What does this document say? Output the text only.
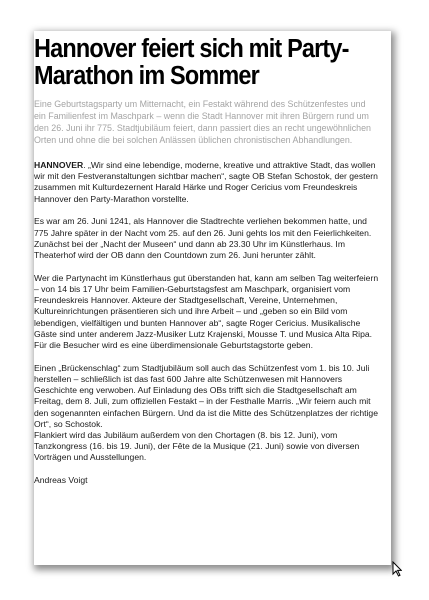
Hannover feiert sich mit Party-
Marathon im Sommer

Eine Geburtstagsparty um Mitternacht, ein Festakt während des Schützenfestes und ein Familienfest im Maschpark – wenn die Stadt Hannover mit ihren Bürgern rund um den 26. Juni ihr 775. Stadtjubiläum feiert, dann passiert dies an recht ungewöhnlichen Orten und ohne die bei solchen Anlässen üblichen chronistischen Abhandlungen.

HANNOVER. „Wir sind eine lebendige, moderne, kreative und attraktive Stadt, das wollen wir mit den Festveranstaltungen sichtbar machen“, sagte OB Stefan Schostok, der gestern zusammen mit Kulturdezernent Harald Härke und Roger Cericius vom Freundeskreis Hannover den Party-Marathon vorstellte.

Es war am 26. Juni 1241, als Hannover die Stadtrechte verliehen bekommen hatte, und 775 Jahre später in der Nacht vom 25. auf den 26. Juni gehts los mit den Feierlichkeiten. Zunächst bei der „Nacht der Museen“ und dann ab 23.30 Uhr im Künstlerhaus. Im Theaterhof wird der OB dann den Countdown zum 26. Juni herunter zählt.

Wer die Partynacht im Künstlerhaus gut überstanden hat, kann am selben Tag weiterfeiern – von 14 bis 17 Uhr beim Familien-Geburtstagsfest am Maschpark, organisiert vom Freundeskreis Hannover. Akteure der Stadtgesellschaft, Vereine, Unternehmen, Kultureinrichtungen präsentieren sich und ihre Arbeit – und „geben so ein Bild vom lebendigen, vielfältigen und bunten Hannover ab“, sagte Roger Cericius. Musikalische Gäste sind unter anderem Jazz-Musiker Lutz Krajenski, Mousse T. und Musica Alta Ripa. Für die Besucher wird es eine überdimensionale Geburtstagstorte geben.

Einen „Brückenschlag“ zum Stadtjubiläum soll auch das Schützenfest vom 1. bis 10. Juli herstellen – schließlich ist das fast 600 Jahre alte Schützenwesen mit Hannovers Geschichte eng verwoben. Auf Einladung des OBs trifft sich die Stadtgesellschaft am Freitag, dem 8. Juli, zum offiziellen Festakt – in der Festhalle Marris. „Wir feiern auch mit den sogenannten einfachen Bürgern. Und da ist die Mitte des Schützenplatzes der richtige Ort“, so Schostok.
Flankiert wird das Jubiläum außerdem von den Chortagen (8. bis 12. Juni), vom Tanzkongress (16. bis 19. Juni), der Fête de la Musique (21. Juni) sowie von diversen Vorträgen und Ausstellungen.

Andreas Voigt
